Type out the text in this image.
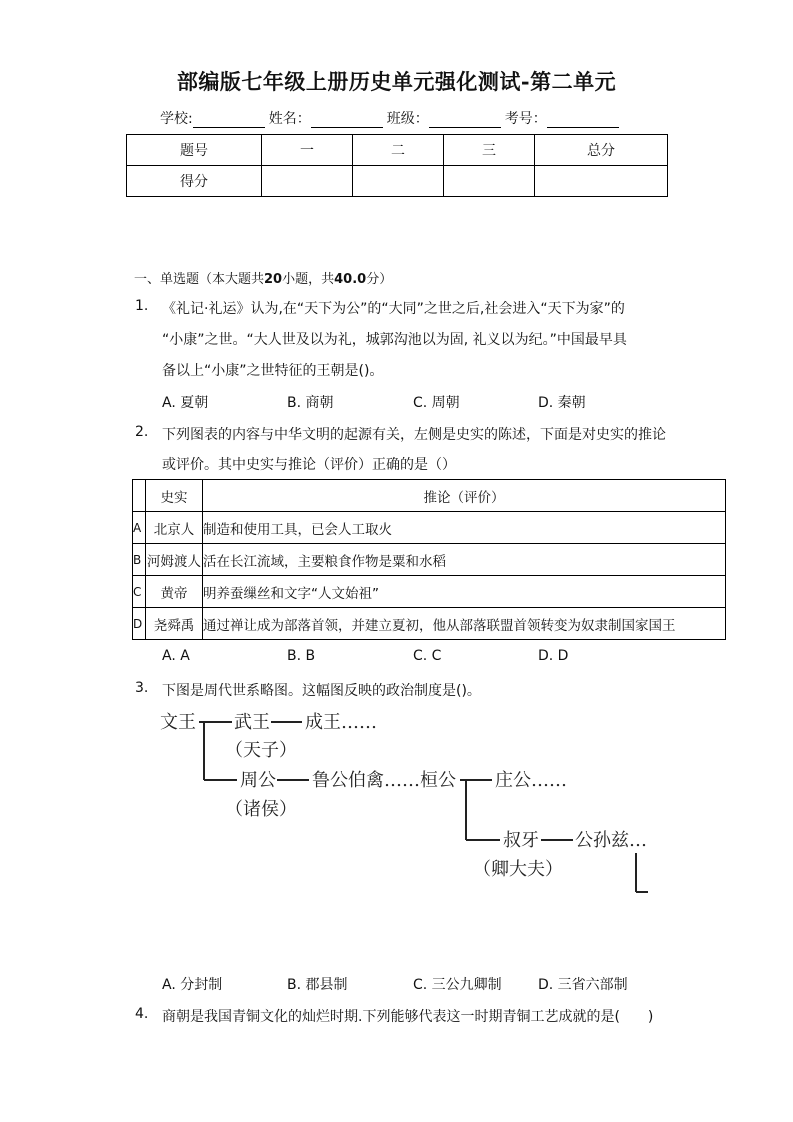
部编版七年级上册历史单元强化测试-第二单元
学校:	姓名：	班级：	考号：
题号	一	二	三	总分
得分				
一、单选题（本大题共20小题，共40.0分）
1. 《礼记·礼运》认为,在“天下为公”的“大同”之世之后,社会进入“天下为家”的
“小康”之世。“大人世及以为礼，城郭沟池以为固, 礼义以为纪。”中国最早具
备以上“小康”之世特征的王朝是()。
A. 夏朝	B. 商朝	C. 周朝	D. 秦朝
2. 下列图表的内容与中华文明的起源有关，左侧是史实的陈述，下面是对史实的推论
或评价。其中史实与推论（评价）正确的是（）
	史实	推论（评价）
A	北京人	制造和使用工具，已会人工取火
B	河姆渡人	活在长江流域，主要粮食作物是粟和水稻
C	黄帝	明养蚕缫丝和文字“人文始祖”
D	尧舜禹	通过禅让成为部落首领，并建立夏初，他从部落联盟首领转变为奴隶制国家国王
A. A	B. B	C. C	D. D
3. 下图是周代世系略图。这幅图反映的政治制度是()。
文王 武王 成王……
（天子）
周公 鲁公伯禽……桓公 庄公……
（诸侯）
叔牙 公孙兹…
（卿大夫）
A. 分封制	B. 郡县制	C. 三公九卿制	D. 三省六部制
4. 商朝是我国青铜文化的灿烂时期.下列能够代表这一时期青铜工艺成就的是(　　)
